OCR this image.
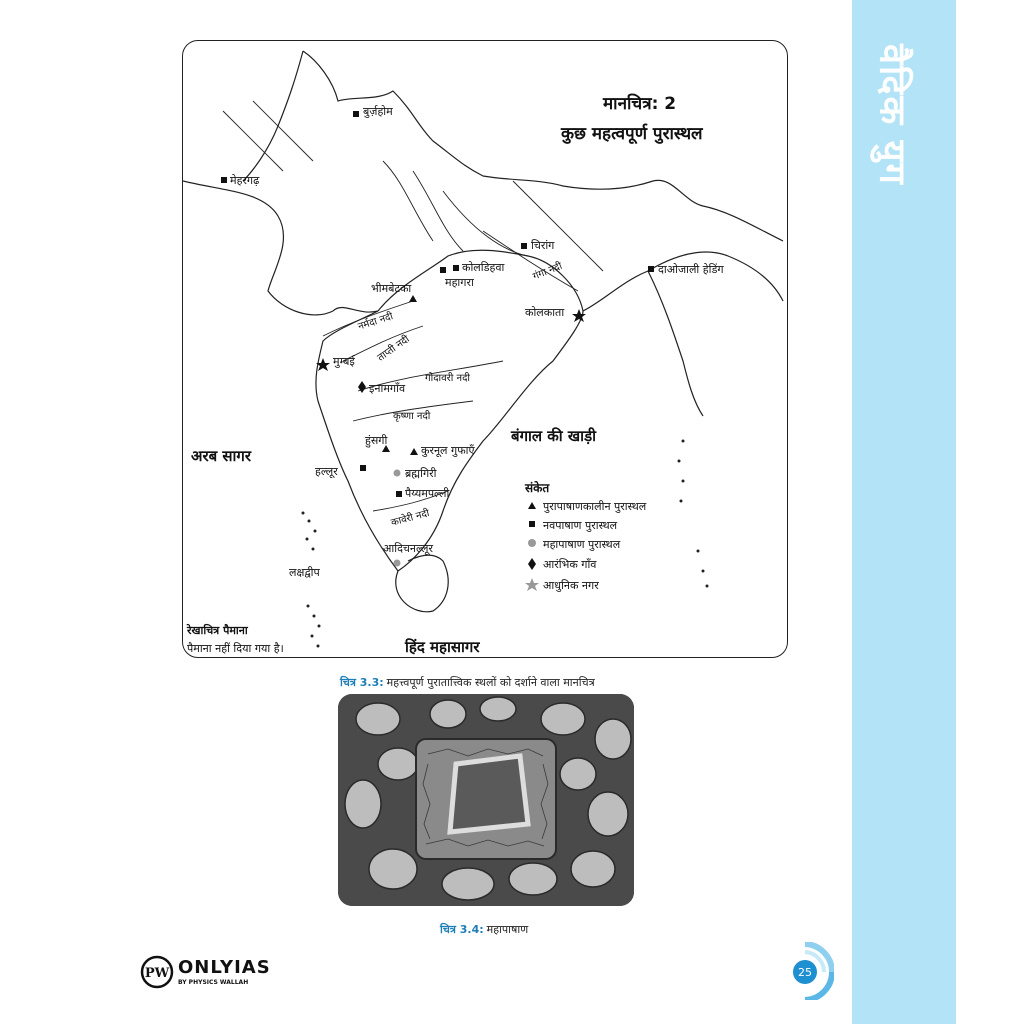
वैदिक युग
मानचित्र: 2
कुछ महत्वपूर्ण पुरास्थल
बुर्ज़होम
मेहरगढ़
चिरांग
दाओजाली हेडिंग
कोलडिहवा
महागरा
भीमबेटका
कोलकाता
मुम्बई
इनामगाँव
हुंसगी
कुरनूल गुफाएँ
हल्लूर	ब्रह्मगिरी
पैय्यमपल्ली
आदिचनल्लूर
गंगा नदी
नर्मदा नदी
ताप्ती नदी
गोदावरी नदी
कृष्णा नदी
कावेरी नदी
अरब सागर
बंगाल की खाड़ी
हिंद महासागर
लक्षद्वीप
रेखाचित्र पैमाना
पैमाना नहीं दिया गया है।
संकेत
पुरापाषाणकालीन पुरास्थल
नवपाषाण पुरास्थल
महापाषाण पुरास्थल
आरंभिक गाँव
आधुनिक नगर
चित्र 3.3: महत्त्वपूर्ण पुरातात्त्विक स्थलों को दर्शाने वाला मानचित्र
चित्र 3.4: महापाषाण
PW ONLYIAS
BY PHYSICS WALLAH
25
